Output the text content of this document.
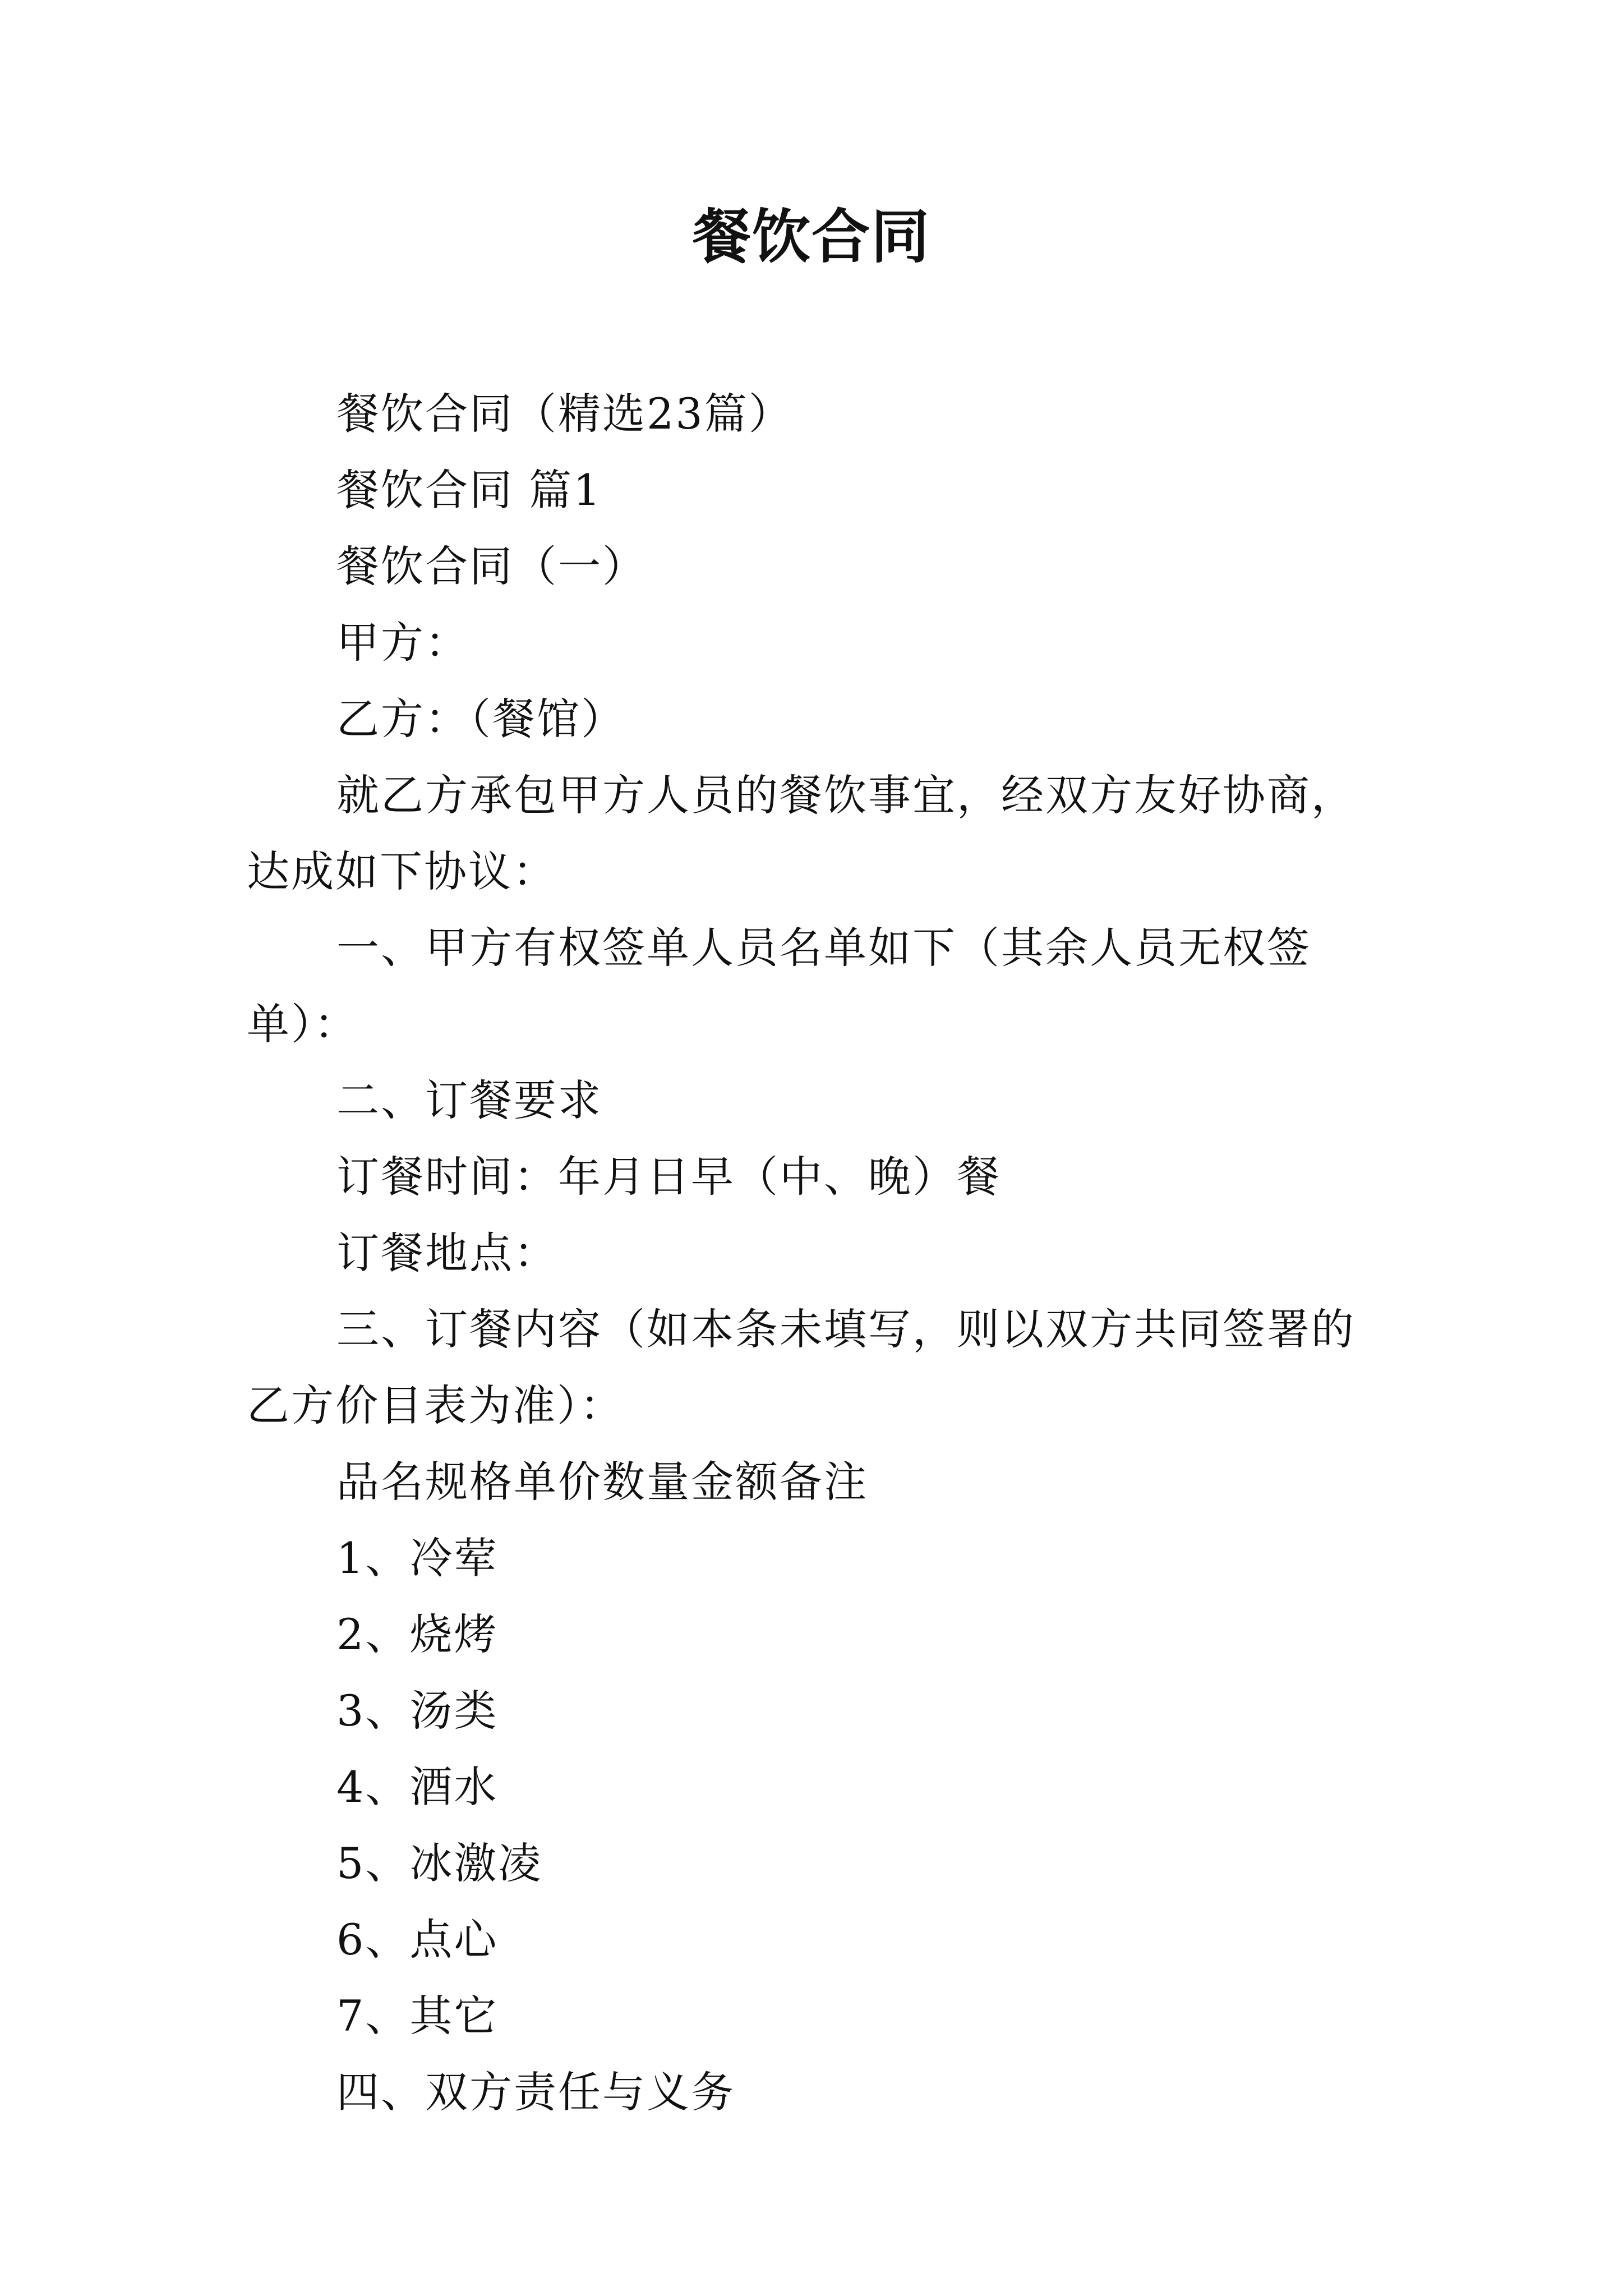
餐饮合同

餐饮合同（精选23篇）

餐饮合同 篇1

餐饮合同（一）

甲方：

乙方：（餐馆）

就乙方承包甲方人员的餐饮事宜，经双方友好协商，达成如下协议：

一、甲方有权签单人员名单如下（其余人员无权签单）：

二、订餐要求

订餐时间：年月日早（中、晚）餐

订餐地点：

三、订餐内容（如本条未填写，则以双方共同签署的乙方价目表为准）：

品名规格单价数量金额备注

1、冷荤

2、烧烤

3、汤类

4、酒水

5、冰激凌

6、点心

7、其它

四、双方责任与义务
